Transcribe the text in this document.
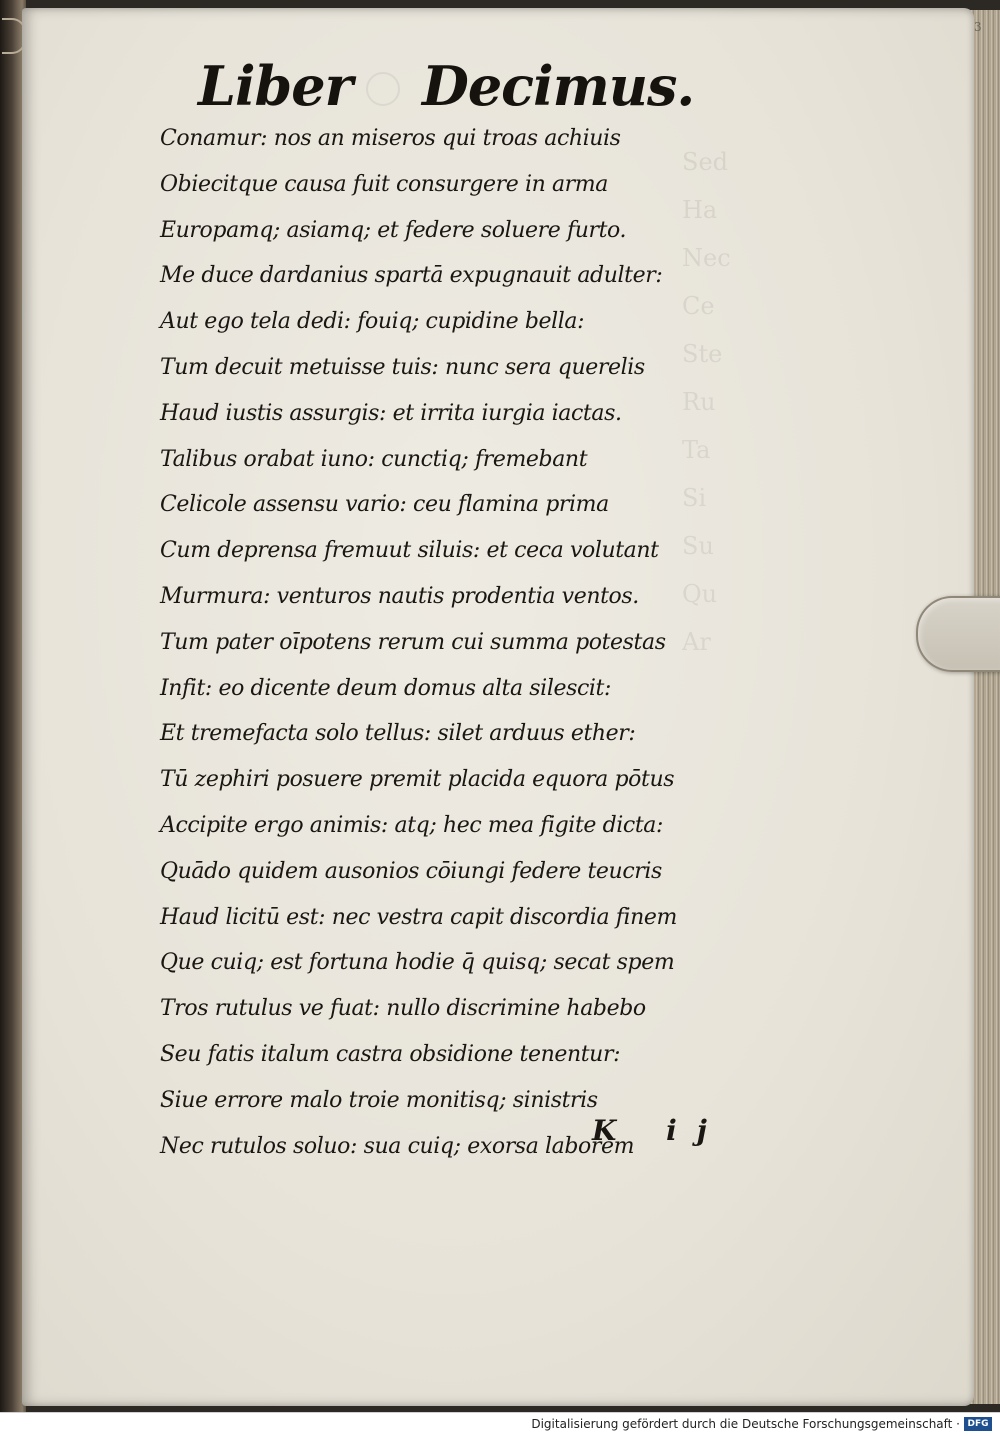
Sed
Ha
Nec
Ce
Ste
Ru
Ta
Si
Su
Qu
Ar
3
Liber Decimus.
Conamur: nos an miseros qui troas achiuis
Obiecitque causa fuit consurgere in arma
Europamq; asiamq; et federe soluere furto.
Me duce dardanius spartā expugnauit adulter:
Aut ego tela dedi: fouiq; cupidine bella:
Tum decuit metuisse tuis: nunc sera querelis
Haud iustis assurgis: et irrita iurgia iactas.
Talibus orabat iuno: cunctiq; fremebant
Celicole assensu vario: ceu flamina prima
Cum deprensa fremuut siluis: et ceca volutant
Murmura: venturos nautis prodentia ventos.
Tum pater oīpotens rerum cui summa potestas
Infit: eo dicente deum domus alta silescit:
Et tremefacta solo tellus: silet arduus ether:
Tū zephiri posuere premit placida equora pōtus
Accipite ergo animis: atq; hec mea figite dicta:
Quādo quidem ausonios cōiungi federe teucris
Haud licitū est: nec vestra capit discordia finem
Que cuiq; est fortuna hodie q̄ quisq; secat spem
Tros rutulus ve fuat: nullo discrimine habebo
Seu fatis italum castra obsidione tenentur:
Siue errore malo troie monitisq; sinistris
Nec rutulos soluo: sua cuiq; exorsa laborem
K ij
Digitalisierung gefördert durch die Deutsche Forschungsgemeinschaft · DFG
